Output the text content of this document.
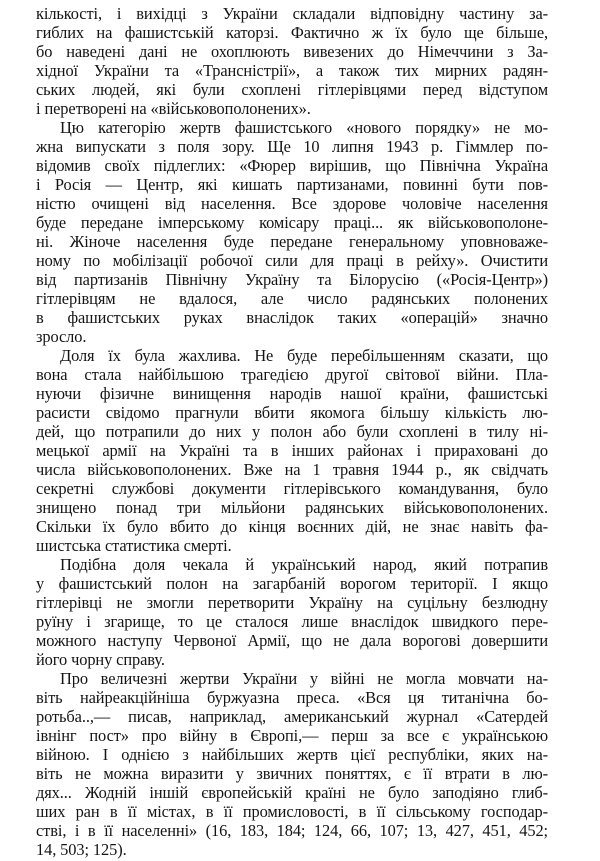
кількості, і вихідці з України складали відповідну частину за-
гиблих на фашистській каторзі. Фактично ж їх було ще більше,
бо наведені дані не охоплюють вивезених до Німеччини з За-
хідної України та «Трансністрії», а також тих мирних радян-
ських людей, які були схоплені гітлерівцями перед відступом
і перетворені на «військовополонених».
Цю категорію жертв фашистського «нового порядку» не мо-
жна випускати з поля зору. Ще 10 липня 1943 р. Гіммлер по-
відомив своїх підлеглих: «Фюрер вирішив, що Північна Україна
і Росія — Центр, які кишать партизанами, повинні бути пов-
ністю очищені від населення. Все здорове чоловіче населення
буде передане імперському комісару праці... як військовополоне-
ні. Жіноче населення буде передане генеральному уповноваже-
ному по мобілізації робочої сили для праці в рейху». Очистити
від партизанів Північну Україну та Білорусію («Росія-Центр»)
гітлерівцям не вдалося, але число радянських полонених
в фашистських руках внаслідок таких «операцій» значно
зросло.
Доля їх була жахлива. Не буде перебільшенням сказати, що
вона стала найбільшою трагедією другої світової війни. Пла-
нуючи фізичне винищення народів нашої країни, фашистські
расисти свідомо прагнули вбити якомога більшу кількість лю-
дей, що потрапили до них у полон або були схоплені в тилу ні-
мецької армії на Україні та в інших районах і прираховані до
числа військовополонених. Вже на 1 травня 1944 р., як свідчать
секретні службові документи гітлерівського командування, було
знищено понад три мільйони радянських військовополонених.
Скільки їх було вбито до кінця воєнних дій, не знає навіть фа-
шистська статистика смерті.
Подібна доля чекала й український народ, який потрапив
у фашистський полон на загарбаній ворогом території. І якщо
гітлерівці не змогли перетворити Україну на суцільну безлюдну
руїну і згарище, то це сталося лише внаслідок швидкого пере-
можного наступу Червоної Армії, що не дала ворогові довершити
його чорну справу.
Про величезні жертви України у війні не могла мовчати на-
віть найреакційніша буржуазна преса. «Вся ця титанічна бо-
ротьба..,— писав, наприклад, американський журнал «Сатердей
івнінг пост» про війну в Європі,— перш за все є українською
війною. І однією з найбільших жертв цієї республіки, яких на-
віть не можна виразити у звичних поняттях, є її втрати в лю-
дях... Жодній іншій європейській країні не було заподіяно глиб-
ших ран в її містах, в її промисловості, в її сільському господар-
стві, і в її населенні» (16, 183, 184; 124, 66, 107; 13, 427, 451, 452;
14, 503; 125).
